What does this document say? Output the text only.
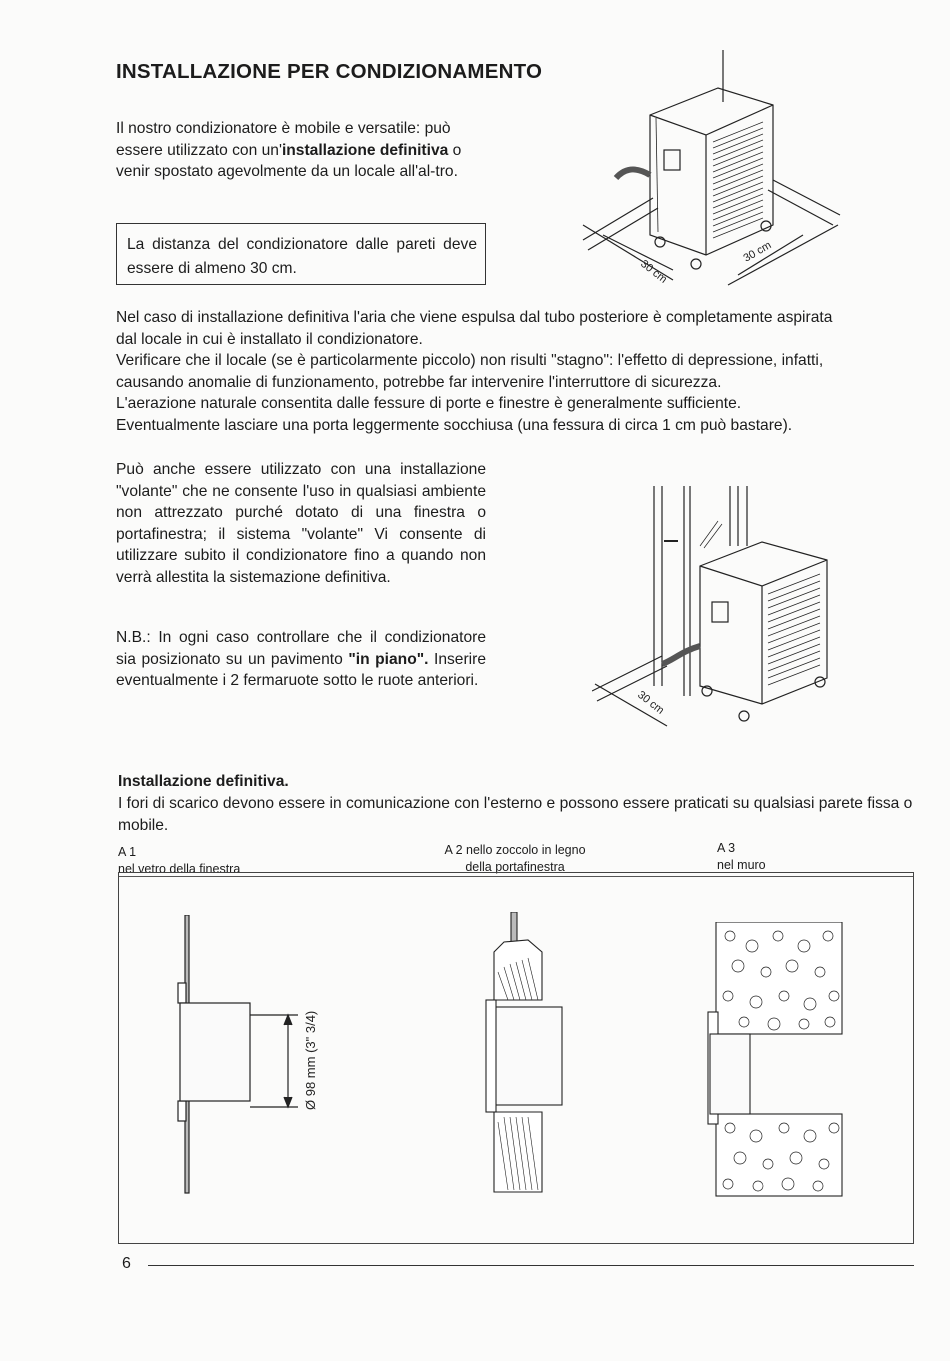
INSTALLAZIONE PER CONDIZIONAMENTO
Il nostro condizionatore è mobile e versatile: può essere utilizzato con un'installazione definitiva o venir spostato agevolmente da un locale all'al-tro.
La distanza del condizionatore dalle pareti deve essere di almeno 30 cm.	30 cm
30 cm
Nel caso di installazione definitiva l'aria che viene espulsa dal tubo posteriore è completamente aspirata
dal locale in cui è installato il condizionatore.
Verificare che il locale (se è particolarmente piccolo) non risulti "stagno": l'effetto di depressione, infatti,
causando anomalie di funzionamento, potrebbe far intervenire l'interruttore di sicurezza.
L'aerazione naturale consentita dalle fessure di porte e finestre è generalmente sufficiente.
Eventualmente lasciare una porta leggermente socchiusa (una fessura di circa 1 cm può bastare).
Può anche essere utilizzato con una installazione "volante" che ne consente l'uso in qualsiasi ambiente non attrezzato purché dotato di una finestra o portafinestra; il sistema "volante" Vi consente di utilizzare subito il condizionatore fino a quando non verrà allestita la sistemazione definitiva.
N.B.: In ogni caso controllare che il condizionatore sia posizionato su un pavimento "in piano". Inserire eventualmente i 2 fermaruote sotto le ruote anteriori.
30 cm
Installazione definitiva.
I fori di scarico devono essere in comunicazione con l'esterno e possono essere praticati su qualsiasi parete fissa o mobile.
A 1
nel vetro della finestra
A 2 nello zoccolo in legno
della portafinestra
A 3
nel muro
Ø 98 mm (3" 3/4)
6
